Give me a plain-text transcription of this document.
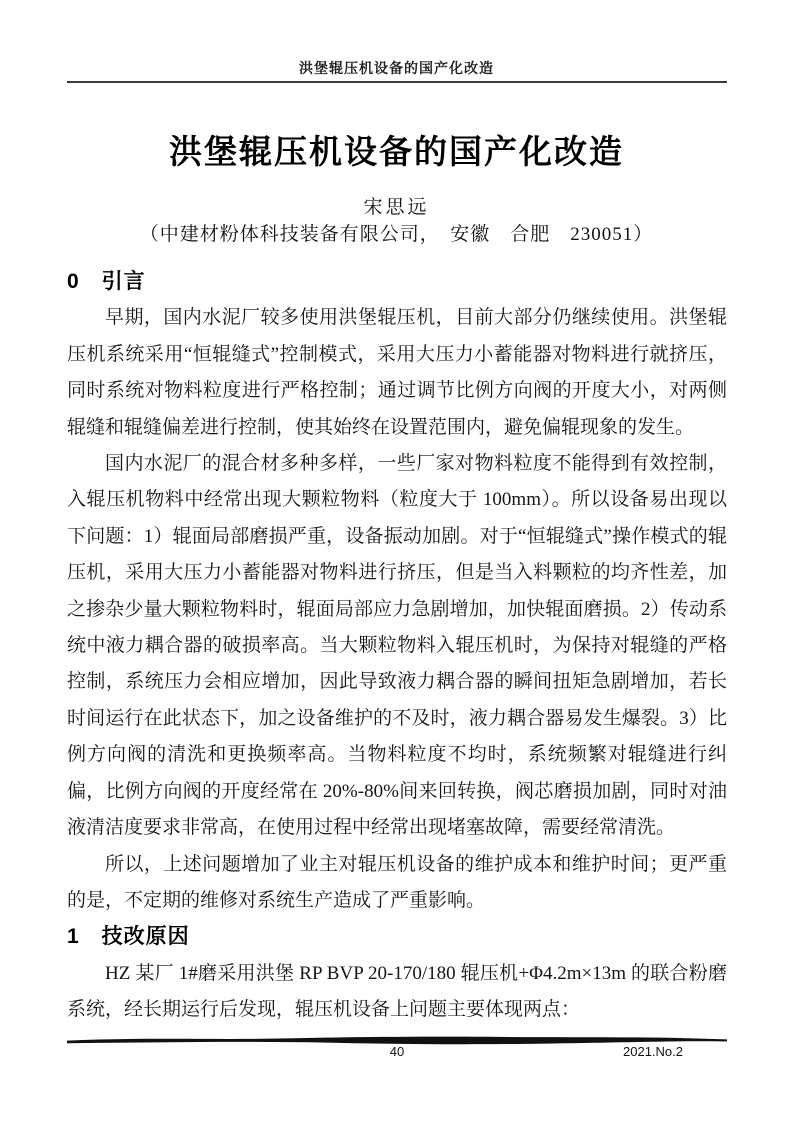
洪堡辊压机设备的国产化改造
洪堡辊压机设备的国产化改造
宋思远
（中建材粉体科技装备有限公司，　安徽　合肥　230051）
0　引言

早期，国内水泥厂较多使用洪堡辊压机，目前大部分仍继续使用。洪堡辊压机系统采用“恒辊缝式”控制模式，采用大压力小蓄能器对物料进行就挤压，同时系统对物料粒度进行严格控制；通过调节比例方向阀的开度大小，对两侧辊缝和辊缝偏差进行控制，使其始终在设置范围内，避免偏辊现象的发生。

国内水泥厂的混合材多种多样，一些厂家对物料粒度不能得到有效控制，入辊压机物料中经常出现大颗粒物料（粒度大于 100mm）。所以设备易出现以下问题：1）辊面局部磨损严重，设备振动加剧。对于“恒辊缝式”操作模式的辊压机，采用大压力小蓄能器对物料进行挤压，但是当入料颗粒的均齐性差，加之掺杂少量大颗粒物料时，辊面局部应力急剧增加，加快辊面磨损。2）传动系统中液力耦合器的破损率高。当大颗粒物料入辊压机时，为保持对辊缝的严格控制，系统压力会相应增加，因此导致液力耦合器的瞬间扭矩急剧增加，若长时间运行在此状态下，加之设备维护的不及时，液力耦合器易发生爆裂。3）比例方向阀的清洗和更换频率高。当物料粒度不均时，系统频繁对辊缝进行纠偏，比例方向阀的开度经常在 20%-80%间来回转换，阀芯磨损加剧，同时对油液清洁度要求非常高，在使用过程中经常出现堵塞故障，需要经常清洗。

所以，上述问题增加了业主对辊压机设备的维护成本和维护时间；更严重的是，不定期的维修对系统生产造成了严重影响。

1　技改原因

HZ 某厂 1#磨采用洪堡 RP BVP 20-170/180 辊压机+Φ4.2m×13m 的联合粉磨系统，经长期运行后发现，辊压机设备上问题主要体现两点：

40	2021.No.2
